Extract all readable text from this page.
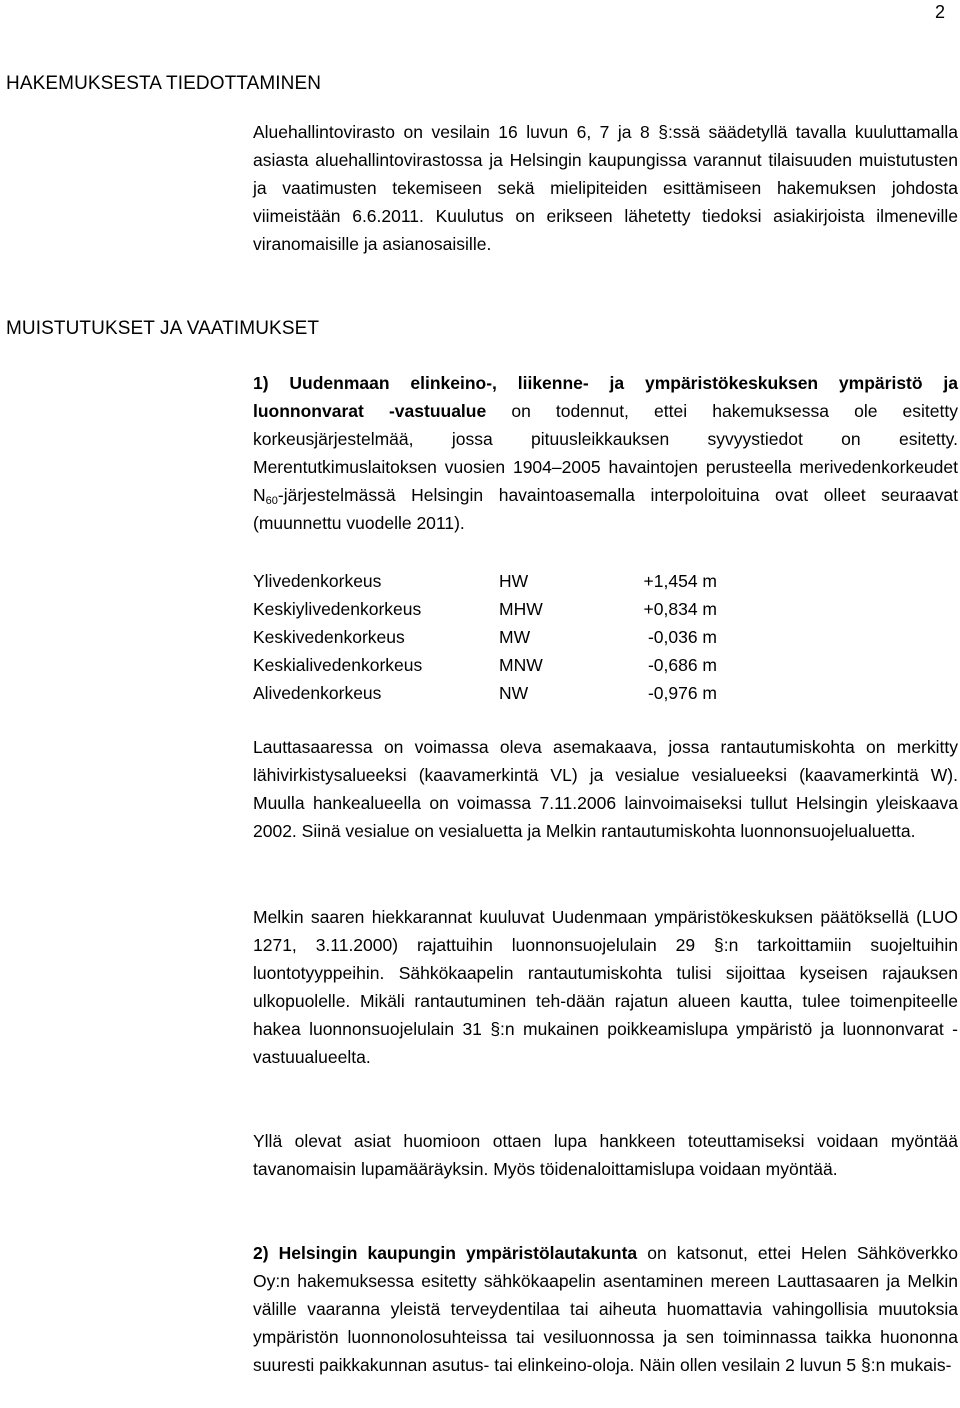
2
HAKEMUKSESTA TIEDOTTAMINEN

Aluehallintovirasto on vesilain 16 luvun 6, 7 ja 8 §:ssä säädetyllä tavalla kuuluttamalla asiasta aluehallintovirastossa ja Helsingin kaupungissa varannut tilaisuuden muistutusten ja vaatimusten tekemiseen sekä mielipiteiden esittämiseen hakemuksen johdosta viimeistään 6.6.2011. Kuulutus on erikseen lähetetty tiedoksi asiakirjoista ilmeneville viranomaisille ja asianosaisille.

MUISTUTUKSET JA VAATIMUKSET

1) Uudenmaan elinkeino-, liikenne- ja ympäristökeskuksen ympäristö ja luonnonvarat -vastuualue on todennut, ettei hakemuksessa ole esitetty korkeusjärjestelmää, jossa pituusleikkauksen syvyystiedot on esitetty. Merentutkimuslaitoksen vuosien 1904–2005 havaintojen perusteella merivedenkorkeudet $N_{60}$-järjestelmässä Helsingin havaintoasemalla interpoloituina ovat olleet seuraavat (muunnettu vuodelle 2011).

Ylivedenkorkeus	HW	+1,454 m
Keskiylivedenkorkeus	MHW	+0,834 m
Keskivedenkorkeus	MW	-0,036 m
Keskialivedenkorkeus	MNW	-0,686 m
Alivedenkorkeus	NW	-0,976 m

Lauttasaaressa on voimassa oleva asemakaava, jossa rantautumiskohta on merkitty lähivirkistysalueeksi (kaavamerkintä VL) ja vesialue vesialueeksi (kaavamerkintä W). Muulla hankealueella on voimassa 7.11.2006 lainvoimaiseksi tullut Helsingin yleiskaava 2002. Siinä vesialue on vesialuetta ja Melkin rantautumiskohta luonnonsuojelualuetta.

Melkin saaren hiekkarannat kuuluvat Uudenmaan ympäristökeskuksen päätöksellä (LUO 1271, 3.11.2000) rajattuihin luonnonsuojelulain 29 §:n tarkoittamiin suojeltuihin luontotyyppeihin. Sähkökaapelin rantautumiskohta tulisi sijoittaa kyseisen rajauksen ulkopuolelle. Mikäli rantautuminen teh-dään rajatun alueen kautta, tulee toimenpiteelle hakea luonnonsuojelulain 31 §:n mukainen poikkeamislupa ympäristö ja luonnonvarat -vastuualueelta.

Yllä olevat asiat huomioon ottaen lupa hankkeen toteuttamiseksi voidaan myöntää tavanomaisin lupamääräyksin. Myös töidenaloittamislupa voidaan myöntää.

2) Helsingin kaupungin ympäristölautakunta on katsonut, ettei Helen Sähköverkko Oy:n hakemuksessa esitetty sähkökaapelin asentaminen mereen Lauttasaaren ja Melkin välille vaaranna yleistä terveydentilaa tai aiheuta huomattavia vahingollisia muutoksia ympäristön luonnonolosuhteissa tai vesiluonnossa ja sen toiminnassa taikka huononna suuresti paikkakunnan asutus- tai elinkeino-oloja. Näin ollen vesilain 2 luvun 5 §:n mukais-
